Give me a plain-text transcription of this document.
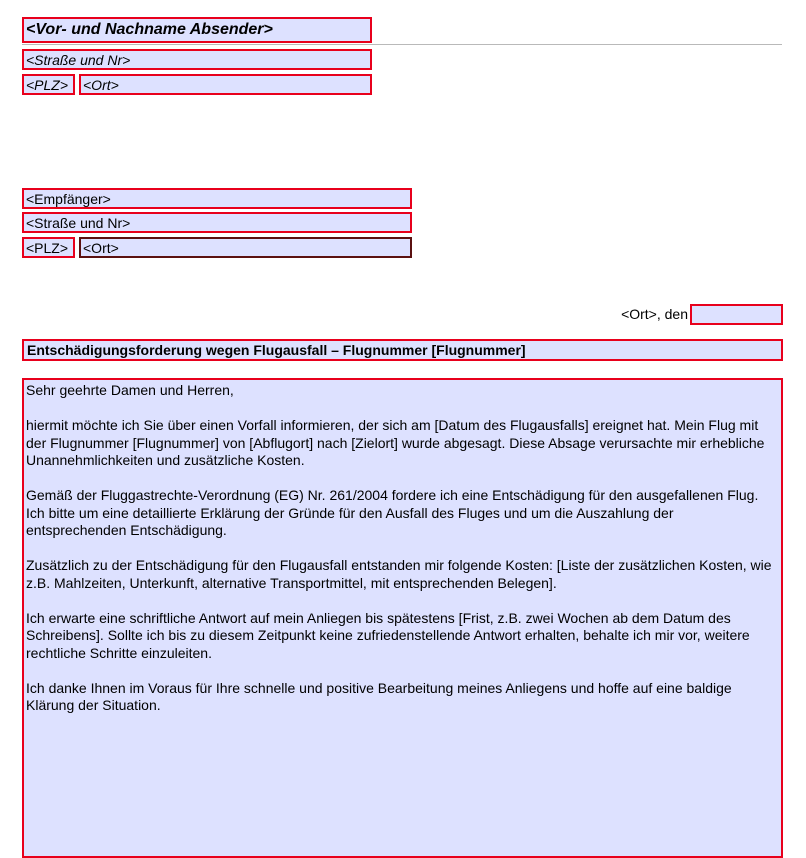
<Vor- und Nachname Absender>
<Straße und Nr>
<PLZ>	<Ort>
<Empfänger>
<Straße und Nr>
<PLZ>	<Ort>
<Ort>, den
Entschädigungsforderung wegen Flugausfall – Flugnummer [Flugnummer]

Sehr geehrte Damen und Herren,

hiermit möchte ich Sie über einen Vorfall informieren, der sich am [Datum des Flugausfalls] ereignet hat. Mein Flug mit der Flugnummer [Flugnummer] von [Abflugort] nach [Zielort] wurde abgesagt. Diese Absage verursachte mir erhebliche Unannehmlichkeiten und zusätzliche Kosten.

Gemäß der Fluggastrechte-Verordnung (EG) Nr. 261/2004 fordere ich eine Entschädigung für den ausgefallenen Flug. Ich bitte um eine detaillierte Erklärung der Gründe für den Ausfall des Fluges und um die Auszahlung der entsprechenden Entschädigung.

Zusätzlich zu der Entschädigung für den Flugausfall entstanden mir folgende Kosten: [Liste der zusätzlichen Kosten, wie z.B. Mahlzeiten, Unterkunft, alternative Transportmittel, mit entsprechenden Belegen].

Ich erwarte eine schriftliche Antwort auf mein Anliegen bis spätestens [Frist, z.B. zwei Wochen ab dem Datum des Schreibens]. Sollte ich bis zu diesem Zeitpunkt keine zufriedenstellende Antwort erhalten, behalte ich mir vor, weitere rechtliche Schritte einzuleiten.

Ich danke Ihnen im Voraus für Ihre schnelle und positive Bearbeitung meines Anliegens und hoffe auf eine baldige Klärung der Situation.
